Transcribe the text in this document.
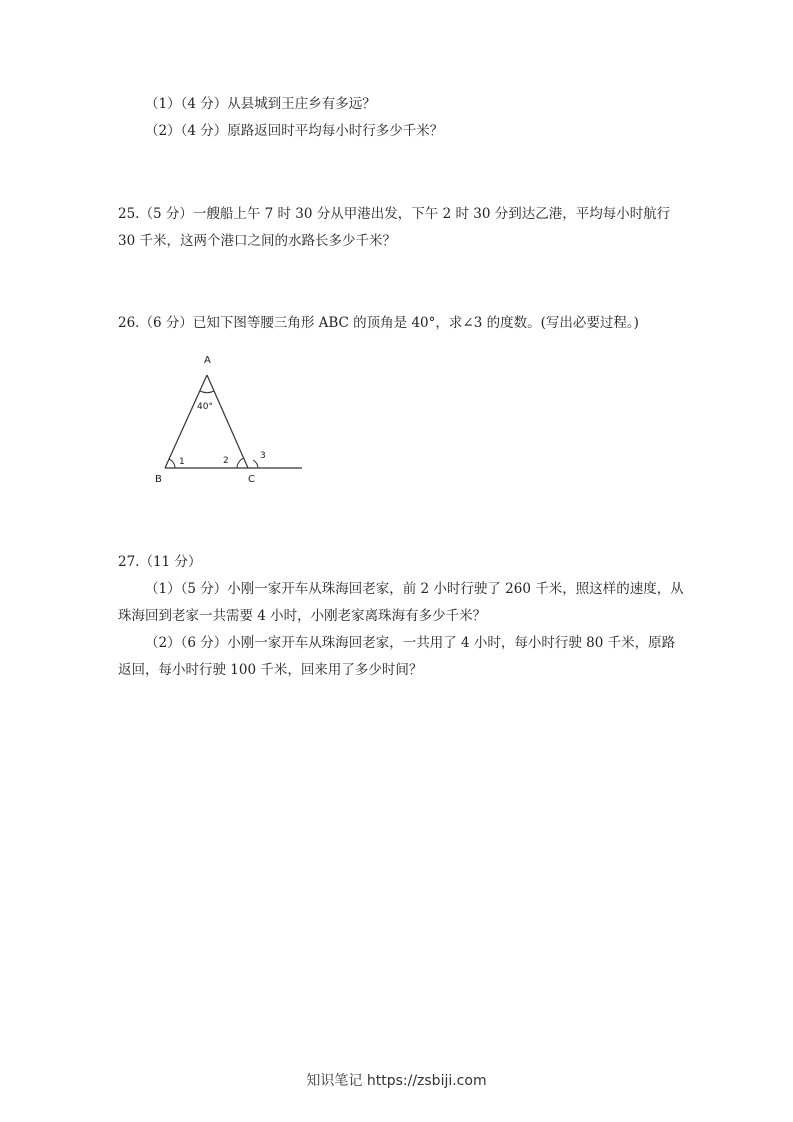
（1）（4 分）从县城到王庄乡有多远？
（2）（4 分）原路返回时平均每小时行多少千米？
25.（5 分）一艘船上午 7 时 30 分从甲港出发，下午 2 时 30 分到达乙港，平均每小时航行
30 千米，这两个港口之间的水路长多少千米？
26.（6 分）已知下图等腰三角形 ABC 的顶角是 40°，求∠3 的度数。(写出必要过程。)
A
B	C
40°
1	2	3
27.（11 分）
（1）（5 分）小刚一家开车从珠海回老家，前 2 小时行驶了 260 千米，照这样的速度，从
珠海回到老家一共需要 4 小时，小刚老家离珠海有多少千米？
（2）（6 分）小刚一家开车从珠海回老家，一共用了 4 小时，每小时行驶 80 千米，原路
返回，每小时行驶 100 千米，回来用了多少时间？
知识笔记 https://zsbiji.com
